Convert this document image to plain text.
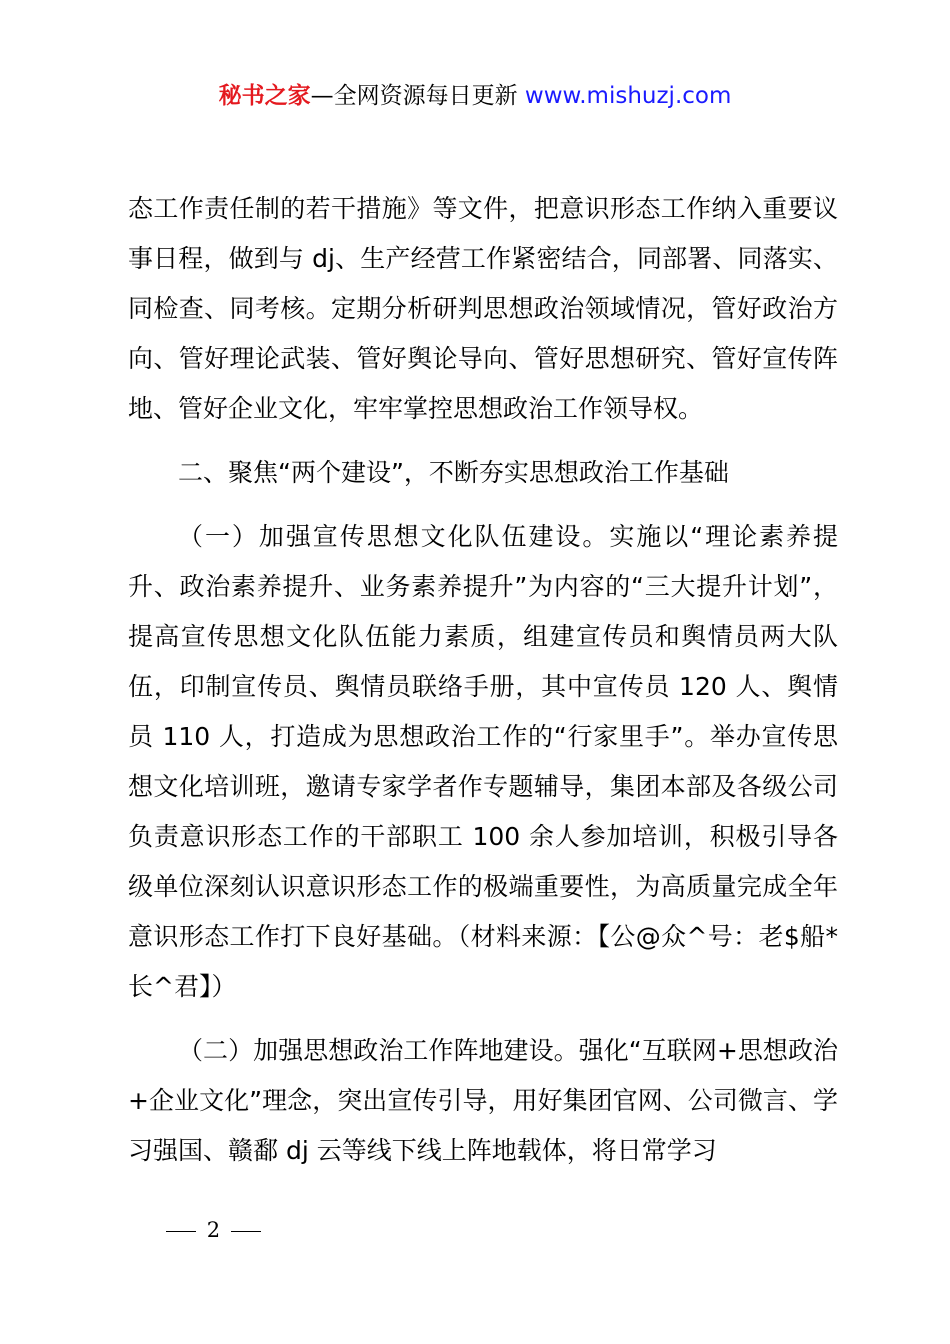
秘书之家—全网资源每日更新 www.mishuzj.com

态工作责任制的若干措施》等文件，把意识形态工作纳入重要议事日程，做到与 dj、生产经营工作紧密结合，同部署、同落实、同检查、同考核。定期分析研判思想政治领域情况，管好政治方向、管好理论武装、管好舆论导向、管好思想研究、管好宣传阵地、管好企业文化，牢牢掌控思想政治工作领导权。

二、聚焦“两个建设”，不断夯实思想政治工作基础

（一）加强宣传思想文化队伍建设。实施以“理论素养提升、政治素养提升、业务素养提升”为内容的“三大提升计划”，提高宣传思想文化队伍能力素质，组建宣传员和舆情员两大队伍，印制宣传员、舆情员联络手册，其中宣传员 120 人、舆情员 110 人，打造成为思想政治工作的“行家里手”。举办宣传思想文化培训班，邀请专家学者作专题辅导，集团本部及各级公司负责意识形态工作的干部职工 100 余人参加培训，积极引导各级单位深刻认识意识形态工作的极端重要性，为高质量完成全年意识形态工作打下良好基础。（材料来源：【公@众^号：老$船*长^君】）

（二）加强思想政治工作阵地建设。强化“互联网+思想政治+企业文化”理念，突出宣传引导，用好集团官网、公司微言、学习强国、赣鄱 dj 云等线下线上阵地载体，将日常学习

2
